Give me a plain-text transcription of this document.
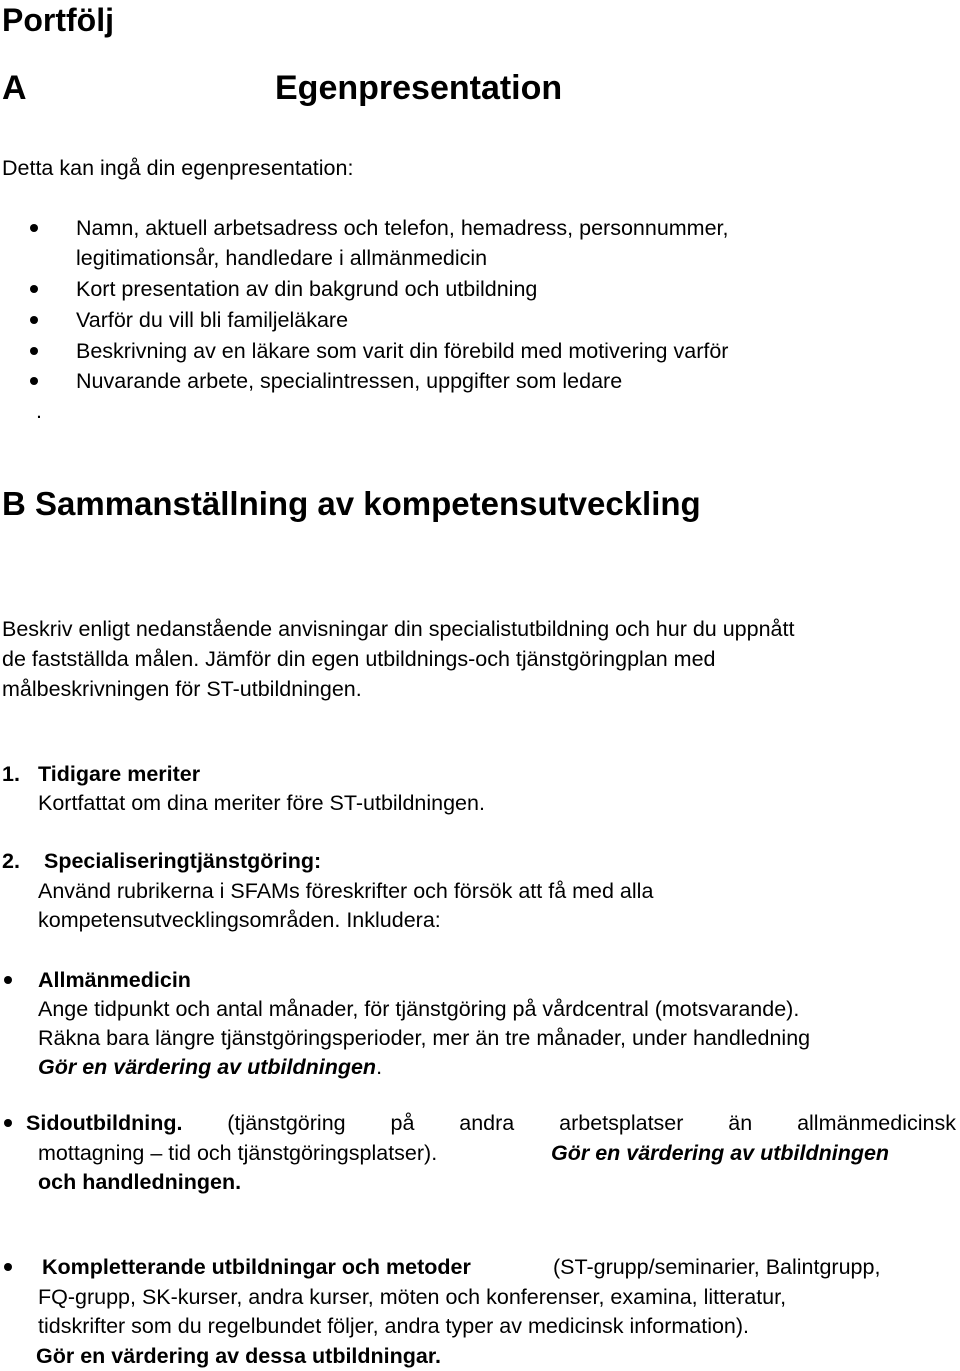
Portfölj
A	Egenpresentation
Detta kan ingå din egenpresentation:
Namn, aktuell arbetsadress och telefon, hemadress, personnummer,
legitimationsår, handledare i allmänmedicin
Kort presentation av din bakgrund och utbildning
Varför du vill bli familjeläkare
Beskrivning av en läkare som varit din förebild med motivering varför
Nuvarande arbete, specialintressen, uppgifter som ledare
.
B Sammanställning av kompetensutveckling
Beskriv enligt nedanstående anvisningar din specialistutbildning och hur du uppnått
de fastställda målen. Jämför din egen utbildnings-och tjänstgöringplan med
målbeskrivningen för ST-utbildningen.
1. Tidigare meriter
Kortfattat om dina meriter före ST-utbildningen.
2. Specialiseringtjänstgöring:
Använd rubrikerna i SFAMs föreskrifter och försök att få med alla
kompetensutvecklingsområden. Inkludera:
Allmänmedicin
Ange tidpunkt och antal månader, för tjänstgöring på vårdcentral (motsvarande).
Räkna bara längre tjänstgöringsperioder, mer än tre månader, under handledning
Gör en värdering av utbildningen.
Sidoutbildning. (tjänstgöring på andra arbetsplatser än allmänmedicinsk
mottagning – tid och tjänstgöringsplatser).	Gör en värdering av utbildningen
och handledningen.
Kompletterande utbildningar och metoder	(ST-grupp/seminarier, Balintgrupp,
FQ-grupp, SK-kurser, andra kurser, möten och konferenser, examina, litteratur,
tidskrifter som du regelbundet följer, andra typer av medicinsk information).
Gör en värdering av dessa utbildningar.
